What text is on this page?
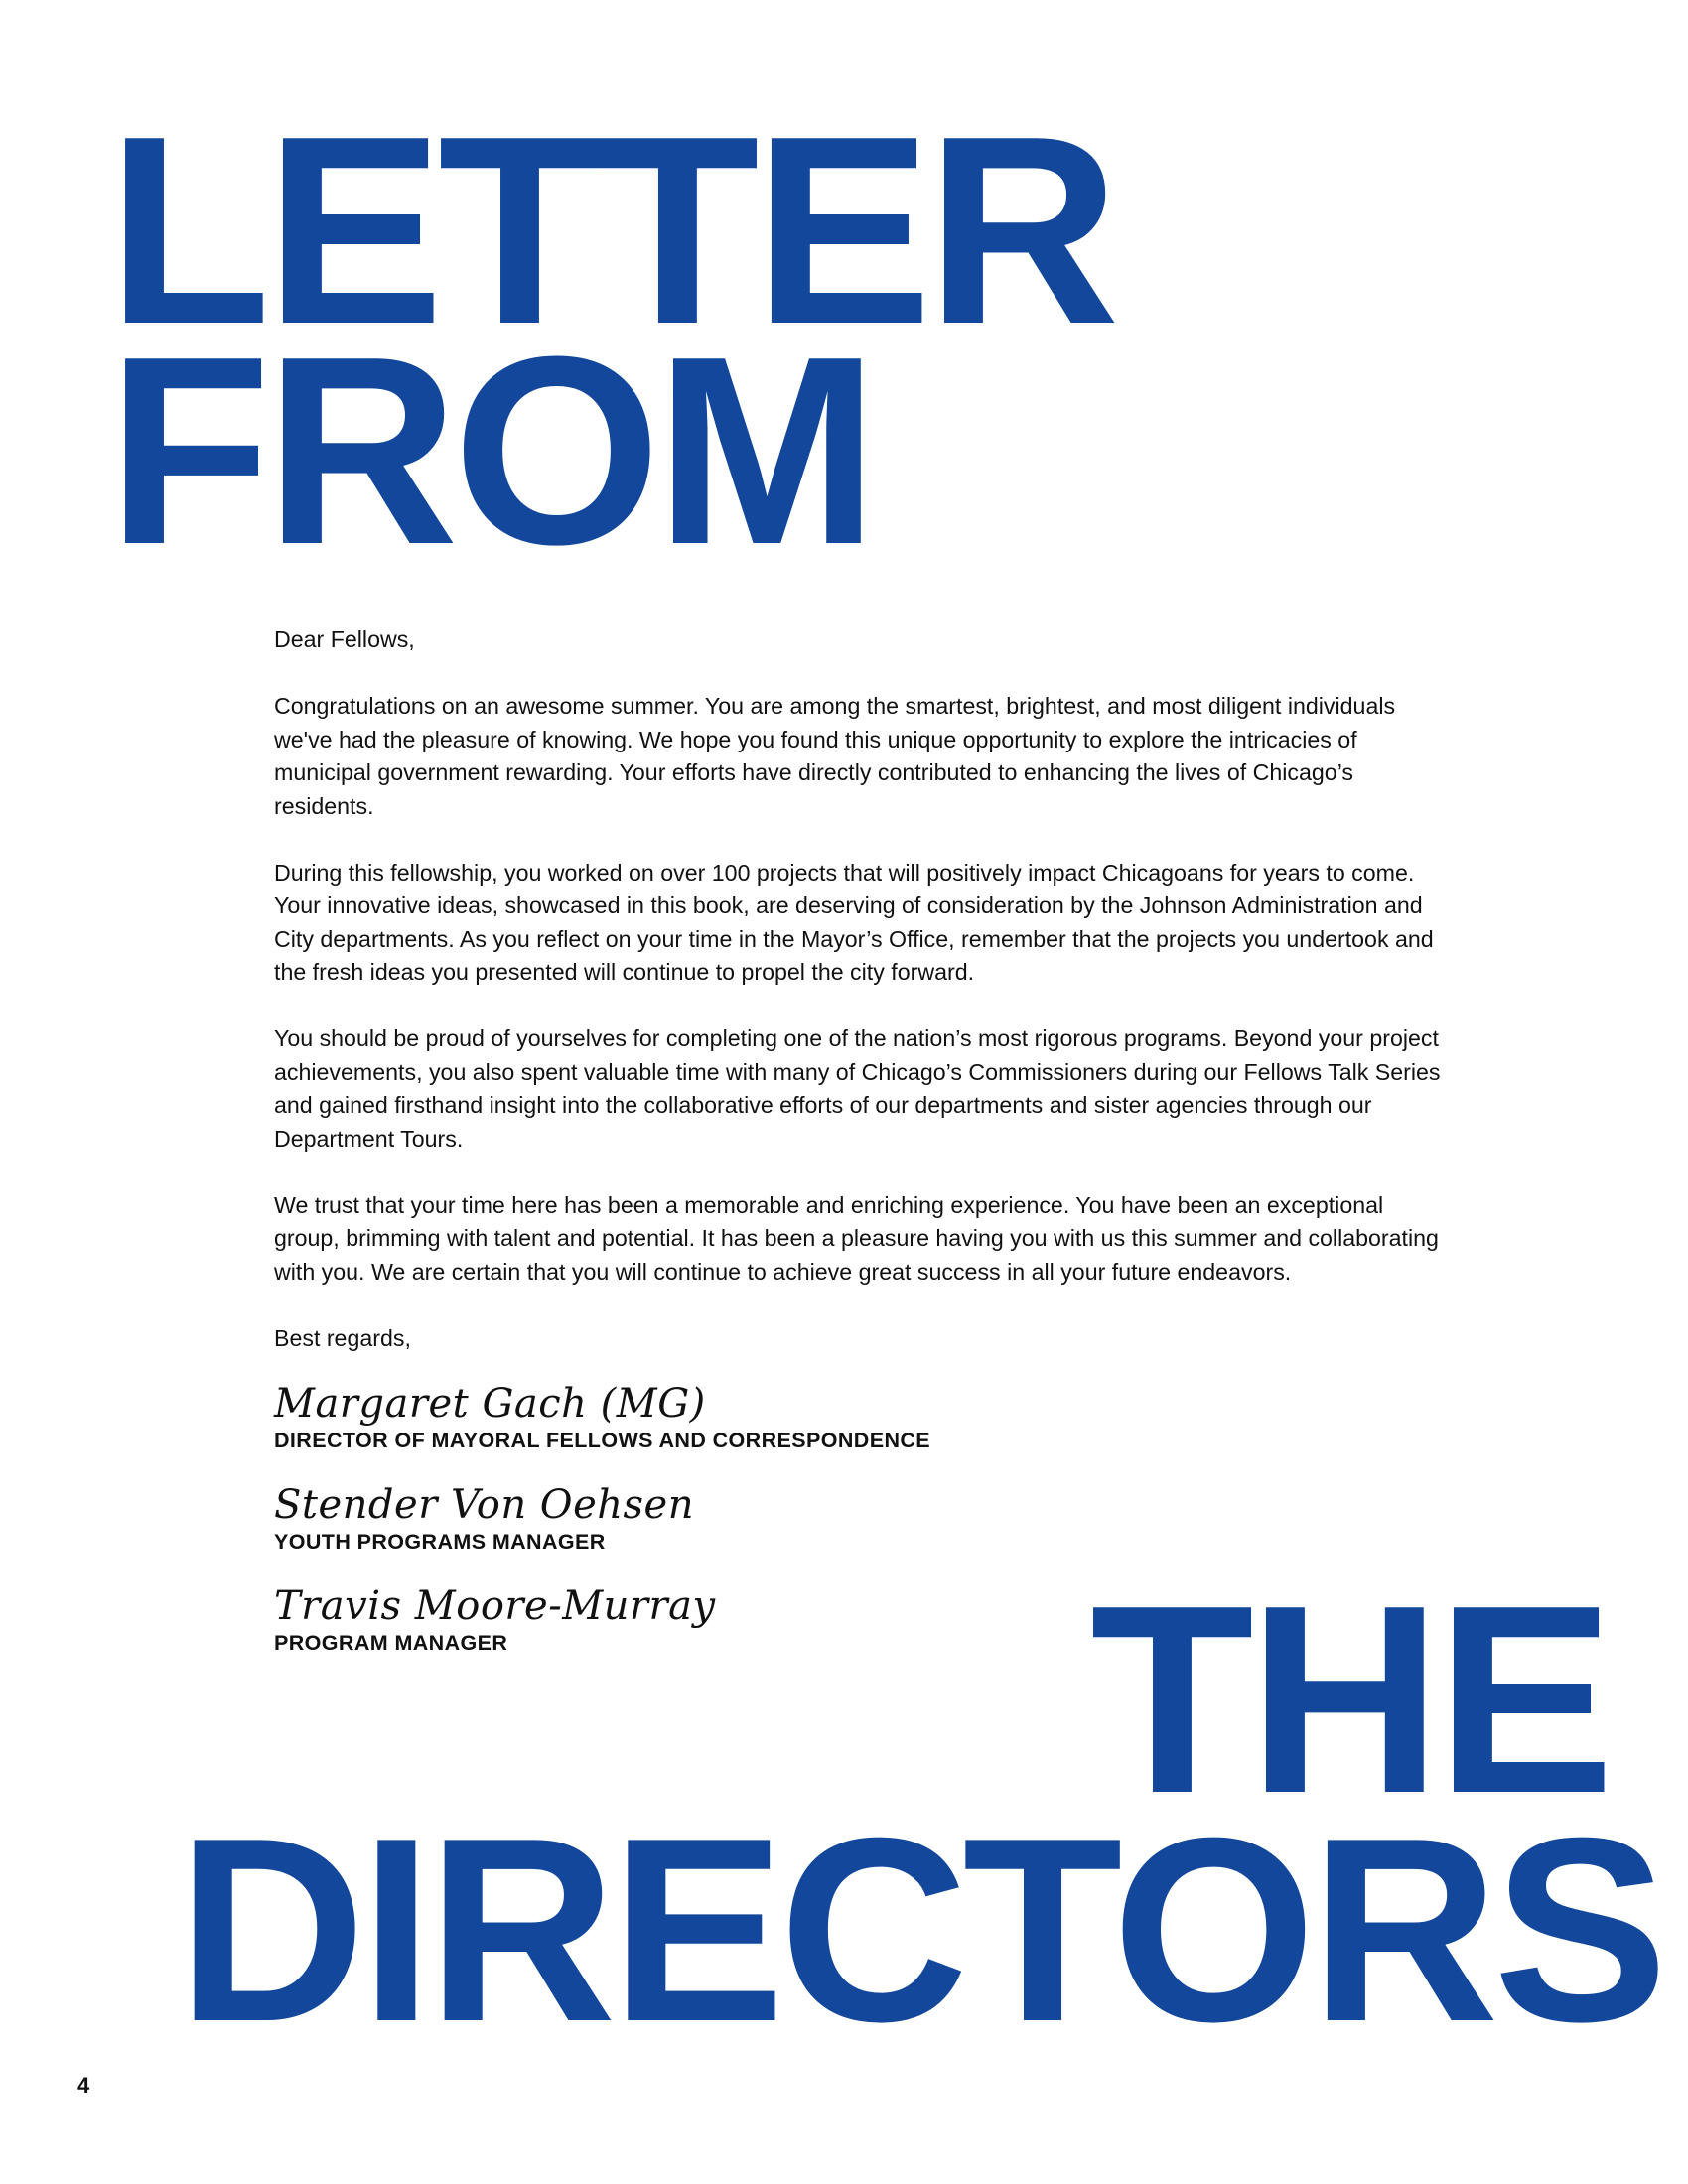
LETTER
FROM

Dear Fellows,

Congratulations on an awesome summer. You are among the smartest, brightest, and most diligent individuals we've had the pleasure of knowing. We hope you found this unique opportunity to explore the intricacies of municipal government rewarding. Your efforts have directly contributed to enhancing the lives of Chicago’s residents.

During this fellowship, you worked on over 100 projects that will positively impact Chicagoans for years to come. Your innovative ideas, showcased in this book, are deserving of consideration by the Johnson Administration and City departments. As you reflect on your time in the Mayor’s Office, remember that the projects you undertook and the fresh ideas you presented will continue to propel the city forward.

You should be proud of yourselves for completing one of the nation’s most rigorous programs. Beyond your project achievements, you also spent valuable time with many of Chicago’s Commissioners during our Fellows Talk Series and gained firsthand insight into the collaborative efforts of our departments and sister agencies through our Department Tours.

We trust that your time here has been a memorable and enriching experience. You have been an exceptional group, brimming with talent and potential. It has been a pleasure having you with us this summer and collaborating with you. We are certain that you will continue to achieve great success in all your future endeavors.

Best regards,

Margaret Gach (MG)
DIRECTOR OF MAYORAL FELLOWS AND CORRESPONDENCE
Stender Von Oehsen
YOUTH PROGRAMS MANAGER
Travis Moore-Murray
PROGRAM MANAGER	THE
DIRECTORS
4
